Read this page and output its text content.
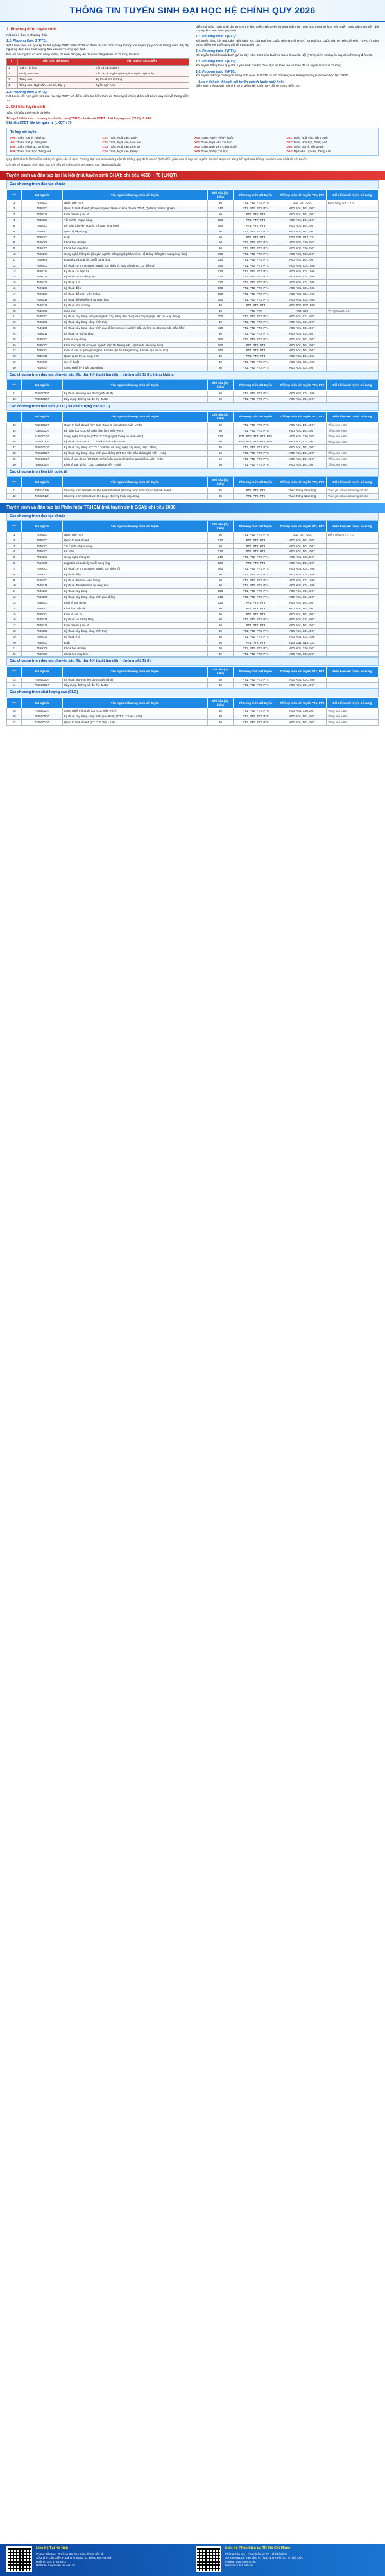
THÔNG TIN TUYỂN SINH ĐẠI HỌC HỆ CHÍNH QUY 2026
1. Phương thức tuyển sinh:
Xét tuyển theo 6 phương thức
1.1. Phương thức 1 (PT1):
Xét tuyển theo kết quả kỳ thi tốt nghiệp THPT năm 2026 có điểm thi các môn trong tổ hợp xét tuyển (quy đổi về thang điểm 30) đạt ngưỡng đảm bảo chất lượng đầu vào do Trường quy định.
Đối với các ngành có môn năng khiếu, thí sinh đăng ký dự thi môn năng khiếu do Trường tổ chức.
TT	Tên môn thi ĐGNL	Tên ngành xét tuyển
1	Toán, Tin học	Tất cả các ngành
2	Vật lý, Hóa học	Tất cả các ngành (trừ ngành Ngôn ngữ Anh)
3	Tiếng Anh	Kỹ thuật môi trường
4	Tiếng Anh, Ngữ văn, Lịch sử, Địa lý	Ngôn ngữ Anh
1.2. Phương thức 2 (PT2):
Xét tuyển kết hợp giữa kết quả học tập THPT và điểm kiểm tra kiến thức do Trường tổ chức; điểm xét tuyển quy đổi về thang điểm 30.
2. Chỉ tiêu tuyển sinh:
Tổng chỉ tiêu tuyển sinh dự kiến
Tổng chỉ tiêu các chương trình đào tạo (CTĐT) chuẩn và CTĐT chất lượng cao (CLC): 6.660
Chỉ tiêu CTĐT liên kết quốc tế (LKQT): 70
điểm thi môn Toán phải đạt từ 6.0 trở lên. Điểm xét tuyển là tổng điểm ba môn học trong tổ hợp xét tuyển cộng điểm ưu tiên đối tượng, khu vực theo quy định.
1.3. Phương thức 3 (PT3):
Xét tuyển theo kết quả đánh giá năng lực của Đại học Quốc gia Hà Nội (HSA) và Đại học Quốc gia TP. Hồ Chí Minh (V-ACT) năm 2026; điểm xét tuyển quy đổi về thang điểm 30.
1.4. Phương thức 4 (PT4):
Xét tuyển theo kết quả đánh giá tư duy năm 2026 của Đại học Bách khoa Hà Nội (TSA); điểm xét tuyển quy đổi về thang điểm 30.
1.5. Phương thức 5 (PT5):
Xét tuyển thẳng theo quy chế tuyển sinh của Bộ Giáo dục và Đào tạo và theo đề án tuyển sinh của Trường.
1.6. Phương thức 6 (PT6):
Xét tuyển kết hợp chứng chỉ tiếng Anh quốc tế IELTS từ 5.0 trở lên (hoặc tương đương) với điểm học tập THPT.
– Lưu ý đối với thí sinh xét tuyển ngành Ngôn ngữ Anh:
điểm môn Tiếng Anh nhân hệ số 2; điểm xét tuyển quy đổi về thang điểm 30.
Tổ hợp xét tuyển:
A00: Toán, Vật lý, Hóa học	C01: Toán, Ngữ văn, Vật lý	X00: Toán, Vật lý, Vi/Mỹ thuật	D01: Toán, Ngữ văn, Tiếng Anh
A01: Toán, Vật lý, Tiếng Anh	C02: Toán, Ngữ văn, Hóa học	X01: Toán, Ngữ văn, Tin học	D07: Toán, Hóa học, Tiếng Anh
B00: Toán, Hóa học, Sinh học	C03: Toán, Ngữ văn, Lịch sử	X02: Toán, Ngữ văn, Công nghệ	D10: Toán, Địa lý, Tiếng Anh
B08: Toán, Sinh học, Tiếng Anh	C04: Toán, Ngữ văn, Địa lý	X06: Toán, Vật lý, Tin học	D14: Ngữ văn, Lịch sử, Tiếng Anh
Quy định chênh lệch điểm xét tuyển giữa các tổ hợp: Trường Đại học Giao thông vận tải không quy định chênh lệch điểm giữa các tổ hợp xét tuyển; thí sinh được sử dụng kết quả của tổ hợp có điểm cao nhất để xét tuyển.
Chi tiết về chương trình đào tạo, chỉ tiêu và mã ngành xem trong các bảng dưới đây.
Tuyển sinh và đào tạo tại Hà Nội (mã tuyển sinh GHA): chỉ tiêu 4660 + 70 (LKQT)
Các chương trình đào tạo chuẩn
TT	Mã ngành	Tên ngành/chương trình xét tuyển	Chỉ tiêu (dự kiến)	Phương thức xét tuyển	Tổ hợp môn xét tuyển PT1, PT2	Điều kiện xét tuyển bổ sung
1	7220201	Ngôn ngữ Anh	60	PT1, PT2, PT3, PT6	D01, D07, D14	Điểm tiếng Anh ≥ 7.0
2	7340101	Quản trị kinh doanh (chuyên ngành: Quản trị kinh doanh GTVT, Quản trị doanh nghiệp)	240	PT1, PT2, PT3, PT4	A00, A01, D01, D07	
3	7340120	Kinh doanh quốc tế	60	PT1, PT2, PT3	A00, A01, D01, D07	
4	7340201	Tài chính - Ngân hàng	120	PT1, PT2, PT3	A00, A01, D01, D07	
5	7340301	Kế toán (chuyên ngành: Kế toán tổng hợp)	180	PT1, PT2, PT3	A00, A01, D01, D07	
6	7340403	Quản lý xây dựng	60	PT1, PT2, PT3, PT4	A00, A01, D01, D07	
7	7380101	Luật	60	PT1, PT2, PT3	C03, D01, D14, X01	
8	7460108	Khoa học dữ liệu	60	PT1, PT2, PT3, PT4	A00, A01, X06, D07	
9	7480101	Khoa học máy tính	80	PT1, PT2, PT3, PT4	A00, A01, X06, D07	
10	7480201	Công nghệ thông tin (chuyên ngành: Công nghệ phần mềm, Hệ thống thông tin, Mạng máy tính)	360	PT1, PT2, PT3, PT4	A00, A01, X06, D07	
11	7510605	Logistics và quản lý chuỗi cung ứng	120	PT1, PT2, PT3, PT4	A00, A01, D01, D07	
12	7520103	Kỹ thuật cơ khí (chuyên ngành: Cơ khí ô tô, Máy xây dựng, Cơ điện tử)	360	PT1, PT2, PT3, PT4	A00, A01, C01, X06	
13	7520114	Kỹ thuật cơ điện tử	120	PT1, PT2, PT3, PT4	A00, A01, C01, X06	
14	7520116	Kỹ thuật cơ khí động lực	120	PT1, PT2, PT3, PT4	A00, A01, C01, X06	
15	7520130	Kỹ thuật ô tô	120	PT1, PT2, PT3, PT4	A00, A01, C01, X06	
16	7520201	Kỹ thuật điện	100	PT1, PT2, PT3, PT4	A00, A01, C01, X06	
17	7520207	Kỹ thuật điện tử - viễn thông	150	PT1, PT2, PT3, PT4	A00, A01, C01, X06	
18	7520216	Kỹ thuật điều khiển và tự động hóa	150	PT1, PT2, PT3, PT4	A00, A01, C01, X06	
19	7520320	Kỹ thuật môi trường	40	PT1, PT2, PT3	A00, B00, D07, B08	
20	7580101	Kiến trúc	40	PT1, PT2	A00, X00	Vẽ mỹ thuật ≥ 5.0
21	7580201	Kỹ thuật xây dựng (chuyên ngành: Xây dựng dân dụng và công nghiệp, Kết cấu xây dựng)	200	PT1, PT2, PT3, PT4	A00, A01, C01, D07	
22	7580202	Kỹ thuật xây dựng công trình thủy	40	PT1, PT2, PT3, PT4	A00, A01, C01, D07	
23	7580205	Kỹ thuật xây dựng công trình giao thông (chuyên ngành: Cầu đường bộ, Đường sắt, Cầu hầm)	420	PT1, PT2, PT3, PT4	A00, A01, C01, D07	
24	7580210	Kỹ thuật cơ sở hạ tầng	60	PT1, PT2, PT3, PT4	A00, A01, C01, D07	
25	7580301	Kinh tế xây dựng	180	PT1, PT2, PT3, PT4	A00, A01, D01, D07	
26	7840101	Khai thác vận tải (chuyên ngành: Vận tải đường sắt, Vận tải đa phương thức)	160	PT1, PT2, PT3	A00, A01, D01, D07	
27	7840104	Kinh tế vận tải (chuyên ngành: Kinh tế vận tải hàng không, Kinh tế vận tải du lịch)	160	PT1, PT2, PT3	A00, A01, D01, D07	
28	7840110	Quản lý đô thị và công trình	40	PT1, PT2, PT3	A00, A01, D01, C04	
29	7520101	Cơ kỹ thuật	40	PT1, PT2, PT3, PT4	A00, A01, C01, X06	
30	7510104	Công nghệ kỹ thuật giao thông	80	PT1, PT2, PT3, PT4	A00, A01, C01, D07	
Các chương trình đào tạo chuyên sâu đặc thù: Kỹ thuật tàu điện - đường sắt đô thị, hàng không
TT	Mã ngành	Tên ngành/chương trình xét tuyển	Chỉ tiêu (dự kiến)	Phương thức xét tuyển	Tổ hợp môn xét tuyển PT1, PT2	Điều kiện xét tuyển bổ sung
31	7520103QT	Kỹ thuật phương tiện đường sắt đô thị	60	PT1, PT2, PT3, PT4	A00, A01, C01, X06	
32	7580205QT	Xây dựng đường sắt đô thị - Metro	60	PT1, PT2, PT3, PT4	A00, A01, C01, D07	
Các chương trình tiên tiến (CTTT) và chất lượng cao (CLC)
TT	Mã ngành	Tên ngành/chương trình xét tuyển	Chỉ tiêu (dự kiến)	Phương thức xét tuyển	Tổ hợp môn xét tuyển PT1, PT2	Điều kiện xét tuyển bổ sung
33	7340101QT	Quản trị kinh doanh (CT CLC Quản trị kinh doanh Việt - Anh)	80	PT1, PT2, PT3, PT6	A00, A01, D01, D07	Tiếng Anh ≥ 6.0
34	7340301QT	Kế toán (CT CLC Kế toán tổng hợp Việt - Anh)	80	PT1, PT2, PT3, PT6	A00, A01, D01, D07	Tiếng Anh ≥ 6.0
35	7480201QT	Công nghệ thông tin (CT CLC Công nghệ thông tin Việt - Anh)	120	PT1, PT2, PT3, PT4, PT6	A00, A01, X06, D07	Tiếng Anh ≥ 6.0
36	7520103QT	Kỹ thuật cơ khí (CT CLC Cơ khí ô tô Việt - Anh)	60	PT1, PT2, PT3, PT4, PT6	A00, A01, C01, D07	Tiếng Anh ≥ 6.0
37	7580201QT	Kỹ thuật xây dựng (CT CLC Vật liệu và công nghệ xây dựng Việt - Pháp)	40	PT1, PT2, PT3, PT6	A00, A01, D01, D07	
38	7580205QT	Kỹ thuật xây dựng công trình giao thông (CT tiên tiến Cầu đường bộ Việt - Anh)	60	PT1, PT2, PT3, PT6	A00, A01, D01, D07	Tiếng Anh ≥ 6.0
39	7580301QT	Kinh tế xây dựng (CT CLC Kinh tế xây dựng công trình giao thông Việt - Anh)	60	PT1, PT2, PT3, PT6	A00, A01, D01, D07	Tiếng Anh ≥ 6.0
40	7840104QT	Kinh tế vận tải (CT CLC Logistics Việt - Anh)	60	PT1, PT2, PT3, PT6	A00, A01, D01, D07	Tiếng Anh ≥ 6.0
Các chương trình liên kết quốc tế
TT	Mã ngành	Tên ngành/chương trình xét tuyển	Chỉ tiêu (dự kiến)	Phương thức xét tuyển	Tổ hợp môn xét tuyển PT1, PT2	Điều kiện xét tuyển bổ sung
41	7340101LK	Chương trình liên kết với ĐH Leeds Beckett (Vương quốc Anh): Quản trị kinh doanh	35	PT1, PT2, PT6	Theo thông báo riêng	Theo yêu cầu của trường đối tác
42	7580201LK	Chương trình liên kết với ĐH Liège (Bỉ): Kỹ thuật xây dựng	35	PT1, PT2, PT6	Theo thông báo riêng	Theo yêu cầu của trường đối tác
Tuyển sinh và đào tạo tại Phân hiệu TP.HCM (mã tuyển sinh GSA): chỉ tiêu 2000
Các chương trình đào tạo chuẩn
TT	Mã ngành	Tên ngành/chương trình xét tuyển	Chỉ tiêu (dự kiến)	Phương thức xét tuyển	Tổ hợp môn xét tuyển PT1, PT2	Điều kiện xét tuyển bổ sung
1	7220201	Ngôn ngữ Anh	60	PT1, PT2, PT3, PT6	D01, D07, D14	Điểm tiếng Anh ≥ 7.0
2	7340101	Quản trị kinh doanh	120	PT1, PT2, PT3	A00, A01, D01, D07	
3	7340201	Tài chính - Ngân hàng	60	PT1, PT2, PT3	A00, A01, D01, D07	
4	7340301	Kế toán	120	PT1, PT2, PT3	A00, A01, D01, D07	
5	7480201	Công nghệ thông tin	240	PT1, PT2, PT3, PT4	A00, A01, X06, D07	
6	7510605	Logistics và quản lý chuỗi cung ứng	120	PT1, PT2, PT3	A00, A01, D01, D07	
7	7520103	Kỹ thuật cơ khí (chuyên ngành: Cơ khí ô tô)	160	PT1, PT2, PT3, PT4	A00, A01, C01, X06	
8	7520201	Kỹ thuật điện	60	PT1, PT2, PT3, PT4	A00, A01, C01, X06	
9	7520207	Kỹ thuật điện tử - viễn thông	60	PT1, PT2, PT3, PT4	A00, A01, C01, X06	
10	7520216	Kỹ thuật điều khiển và tự động hóa	80	PT1, PT2, PT3, PT4	A00, A01, C01, X06	
11	7580201	Kỹ thuật xây dựng	120	PT1, PT2, PT3, PT4	A00, A01, C01, D07	
12	7580205	Kỹ thuật xây dựng công trình giao thông	240	PT1, PT2, PT3, PT4	A00, A01, C01, D07	
13	7580301	Kinh tế xây dựng	120	PT1, PT2, PT3	A00, A01, D01, D07	
14	7840101	Khai thác vận tải	80	PT1, PT2, PT3	A00, A01, D01, D07	
15	7840104	Kinh tế vận tải	80	PT1, PT2, PT3	A00, A01, D01, D07	
16	7580210	Kỹ thuật cơ sở hạ tầng	60	PT1, PT2, PT3, PT4	A00, A01, C01, D07	
17	7340120	Kinh doanh quốc tế	60	PT1, PT2, PT3	A00, A01, D01, D07	
18	7580202	Kỹ thuật xây dựng công trình thủy	40	PT1, PT2, PT3, PT4	A00, A01, C01, D07	
19	7520130	Kỹ thuật ô tô	60	PT1, PT2, PT3, PT4	A00, A01, C01, X06	
20	7380101	Luật	40	PT1, PT2, PT3	C03, D01, D14, X01	
21	7460108	Khoa học dữ liệu	40	PT1, PT2, PT3, PT4	A00, A01, X06, D07	
22	7480101	Khoa học máy tính	40	PT1, PT2, PT3, PT4	A00, A01, X06, D07	
Các chương trình đào tạo chuyên sâu đặc thù: Kỹ thuật tàu điện - đường sắt đô thị
TT	Mã ngành	Tên ngành/chương trình xét tuyển	Chỉ tiêu (dự kiến)	Phương thức xét tuyển	Tổ hợp môn xét tuyển PT1, PT2	Điều kiện xét tuyển bổ sung
23	7520103QT	Kỹ thuật phương tiện đường sắt đô thị	40	PT1, PT2, PT3, PT4	A00, A01, C01, X06	
24	7580205QT	Xây dựng đường sắt đô thị - Metro	40	PT1, PT2, PT3, PT4	A00, A01, C01, D07	
Các chương trình chất lượng cao (CLC)
TT	Mã ngành	Tên ngành/chương trình xét tuyển	Chỉ tiêu (dự kiến)	Phương thức xét tuyển	Tổ hợp môn xét tuyển PT1, PT2	Điều kiện xét tuyển bổ sung
25	7480201QT	Công nghệ thông tin (CT CLC Việt - Anh)	40	PT1, PT2, PT3, PT6	A00, A01, X06, D07	Tiếng Anh ≥ 6.0
26	7580205QT	Kỹ thuật xây dựng công trình giao thông (CT CLC Việt - Anh)	40	PT1, PT2, PT3, PT6	A00, A01, D01, D07	Tiếng Anh ≥ 6.0
27	7340101QT	Quản trị kinh doanh (CT CLC Việt - Anh)	40	PT1, PT2, PT3, PT6	A00, A01, D01, D07	Tiếng Anh ≥ 6.0
Liên hệ Tại Hà Nội:
Phòng Đào tạo - Trường Đại học Giao thông vận tải
Số 3 phố Cầu Giấy, P. Láng Thượng, Q. Đống Đa, Hà Nội
Hotline: 024.3766.3311
Website: tuyensinh.utc.edu.vn
Liên hệ Phân hiệu tại TP. Hồ Chí Minh:
Phòng Đào tạo - Phân hiệu tại TP. Hồ Chí Minh
Số 450-451 Lê Văn Việt, P. Tăng Nhơn Phú A, TP. Thủ Đức
Hotline: 028.3896.6798
Website: utc2.edu.vn
